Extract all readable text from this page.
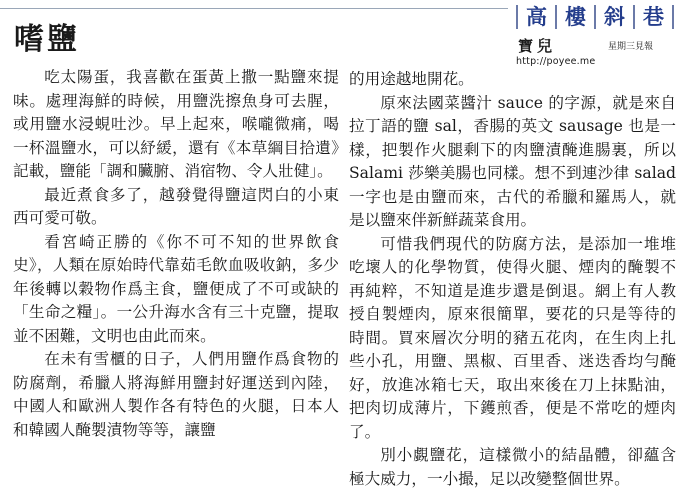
嗜鹽
高 樓 斜 巷
寶兒	星期三見報
http://poyee.me

吃太陽蛋，我喜歡在蛋黃上撒一點鹽來提味。處理海鮮的時候，用鹽洗擦魚身可去腥，或用鹽水浸蜆吐沙。早上起來，喉嚨微痛，喝一杯溫鹽水，可以紓緩，還有《本草綱目拾遺》記載，鹽能「調和臟腑、消宿物、令人壯健」。

最近煮食多了，越發覺得鹽這閃白的小東西可愛可敬。

看宮崎正勝的《你不可不知的世界飲食史》，人類在原始時代靠茹毛飲血吸收鈉，多少年後轉以穀物作爲主食，鹽便成了不可或缺的「生命之糧」。一公升海水含有三十克鹽，提取並不困難，文明也由此而來。

在未有雪櫃的日子，人們用鹽作爲食物的防腐劑，希臘人將海鮮用鹽封好運送到內陸，中國人和歐洲人製作各有特色的火腿，日本人和韓國人醃製漬物等等，讓鹽

的用途越地開花。

原來法國菜醬汁 sauce 的字源，就是來自拉丁語的鹽 sal，香腸的英文 sausage 也是一樣，把製作火腿剩下的肉鹽漬醃進腸裏，所以 Salami 莎樂美腸也同樣。想不到連沙律 salad 一字也是由鹽而來，古代的希臘和羅馬人，就是以鹽來伴新鮮蔬菜食用。

可惜我們現代的防腐方法，是添加一堆堆吃壞人的化學物質，使得火腿、煙肉的醃製不再純粹，不知道是進步還是倒退。網上有人教授自製煙肉，原來很簡單，要花的只是等待的時間。買來層次分明的豬五花肉，在生肉上扎些小孔，用鹽、黑椒、百里香、迷迭香均勻醃好，放進冰箱七天，取出來後在刀上抹點油，把肉切成薄片，下鑊煎香，便是不常吃的煙肉了。

別小覷鹽花，這樣微小的結晶體，卻蘊含極大威力，一小撮，足以改變整個世界。
